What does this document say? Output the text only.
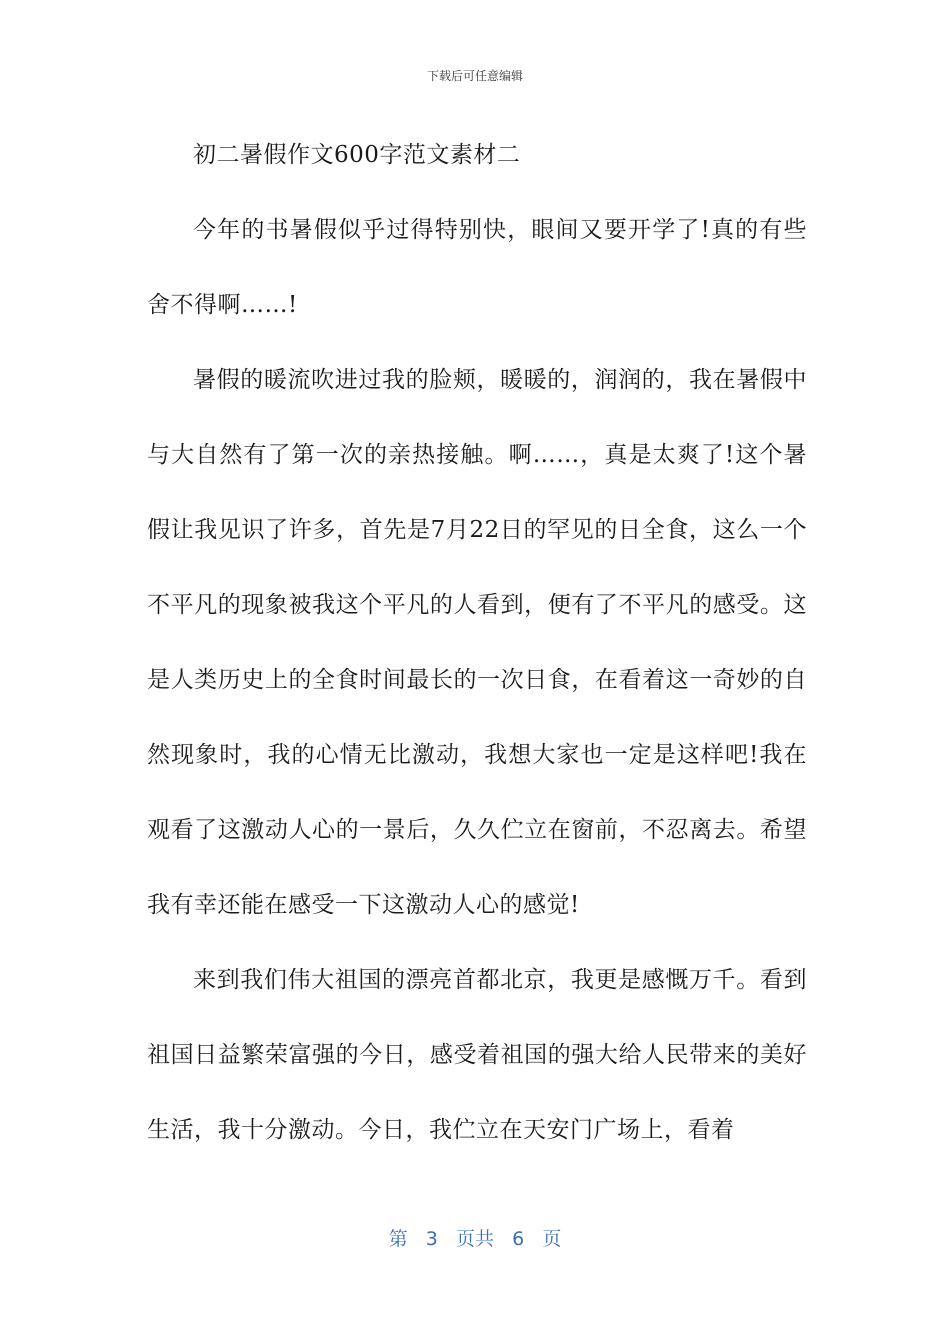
下载后可任意编辑

初二暑假作文600字范文素材二

今年的书暑假似乎过得特别快，眼间又要开学了!真的有些舍不得啊……!

暑假的暖流吹进过我的脸颊，暖暖的，润润的，我在暑假中与大自然有了第一次的亲热接触。啊……，真是太爽了!这个暑假让我见识了许多，首先是7月22日的罕见的日全食，这么一个不平凡的现象被我这个平凡的人看到，便有了不平凡的感受。这是人类历史上的全食时间最长的一次日食，在看着这一奇妙的自然现象时，我的心情无比激动，我想大家也一定是这样吧!我在观看了这激动人心的一景后，久久伫立在窗前，不忍离去。希望我有幸还能在感受一下这激动人心的感觉!

来到我们伟大祖国的漂亮首都北京，我更是感慨万千。看到祖国日益繁荣富强的今日，感受着祖国的强大给人民带来的美好生活，我十分激动。今日，我伫立在天安门广场上，看着

第 3 页共 6 页
